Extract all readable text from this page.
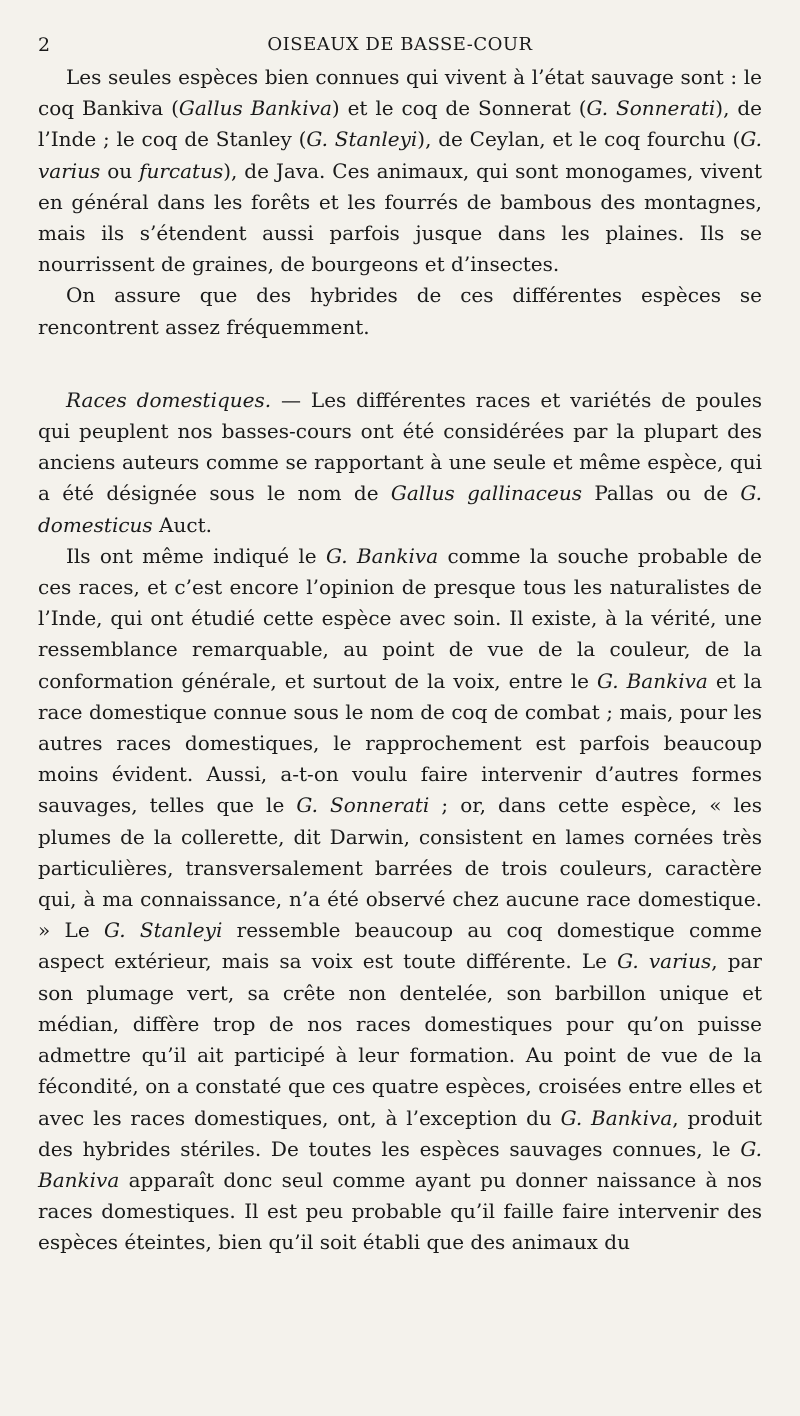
2	OISEAUX DE BASSE-COUR

Les seules espèces bien connues qui vivent à l’état sauvage sont : le coq Bankiva (Gallus Bankiva) et le coq de Sonnerat (G. Sonnerati), de l’Inde ; le coq de Stanley (G. Stanleyi), de Ceylan, et le coq fourchu (G. varius ou furcatus), de Java. Ces animaux, qui sont monogames, vivent en général dans les forêts et les fourrés de bambous des montagnes, mais ils s’étendent aussi parfois jusque dans les plaines. Ils se nourrissent de graines, de bourgeons et d’insectes.

On assure que des hybrides de ces différentes espèces se rencontrent assez fréquemment.

Races domestiques. — Les différentes races et variétés de poules qui peuplent nos basses-cours ont été considérées par la plupart des anciens auteurs comme se rapportant à une seule et même espèce, qui a été désignée sous le nom de Gallus gallinaceus Pallas ou de G. domesticus Auct.

Ils ont même indiqué le G. Bankiva comme la souche probable de ces races, et c’est encore l’opinion de presque tous les naturalistes de l’Inde, qui ont étudié cette espèce avec soin. Il existe, à la vérité, une ressemblance remarquable, au point de vue de la couleur, de la conformation générale, et surtout de la voix, entre le G. Bankiva et la race domestique connue sous le nom de coq de combat ; mais, pour les autres races domestiques, le rapprochement est parfois beaucoup moins évident. Aussi, a-t-on voulu faire intervenir d’autres formes sauvages, telles que le G. Sonnerati ; or, dans cette espèce, « les plumes de la collerette, dit Darwin, consistent en lames cornées très particulières, transversalement barrées de trois couleurs, caractère qui, à ma connaissance, n’a été observé chez aucune race domestique. » Le G. Stanleyi ressemble beaucoup au coq domestique comme aspect extérieur, mais sa voix est toute différente. Le G. varius, par son plumage vert, sa crête non dentelée, son barbillon unique et médian, diffère trop de nos races domestiques pour qu’on puisse admettre qu’il ait participé à leur formation. Au point de vue de la fécondité, on a constaté que ces quatre espèces, croisées entre elles et avec les races domestiques, ont, à l’exception du G. Bankiva, produit des hybrides stériles. De toutes les espèces sauvages connues, le G. Bankiva apparaît donc seul comme ayant pu donner naissance à nos races domestiques. Il est peu probable qu’il faille faire intervenir des espèces éteintes, bien qu’il soit établi que des animaux du
